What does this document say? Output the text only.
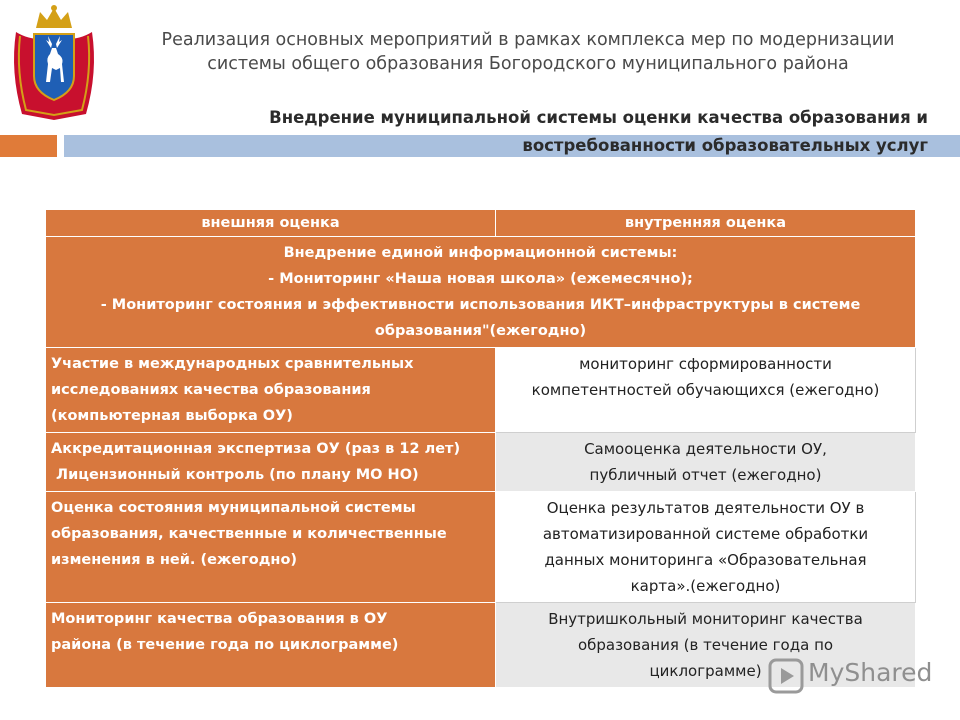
Реализация основных мероприятий в рамках комплекса мер по модернизации
системы общего образования Богородского муниципального района
Внедрение муниципальной системы оценки качества образования и
востребованности образовательных услуг
внешняя оценка	внутренняя оценка

Внедрение единой информационной системы:
- Мониторинг «Наша новая школа» (ежемесячно);
- Мониторинг состояния и эффективности использования ИКТ–инфраструктуры в системе
образования"(ежегодно)	

Участие в международных сравнительных
исследованиях качества образования
(компьютерная выборка ОУ)	мониторинг сформированности
компетентностей обучающихся (ежегодно)

Аккредитационная экспертиза ОУ (раз в 12 лет)
Лицензионный контроль (по плану МО НО)	Самооценка деятельности ОУ,
публичный отчет (ежегодно)

Оценка состояния муниципальной системы
образования, качественные и количественные
изменения в ней. (ежегодно)	Оценка результатов деятельности ОУ в
автоматизированной системе обработки
данных мониторинга «Образовательная
карта».(ежегодно)

Мониторинг качества образования в ОУ
района (в течение года по циклограмме)	Внутришкольный мониторинг качества
образования (в течение года по
циклограмме)	MyShared
